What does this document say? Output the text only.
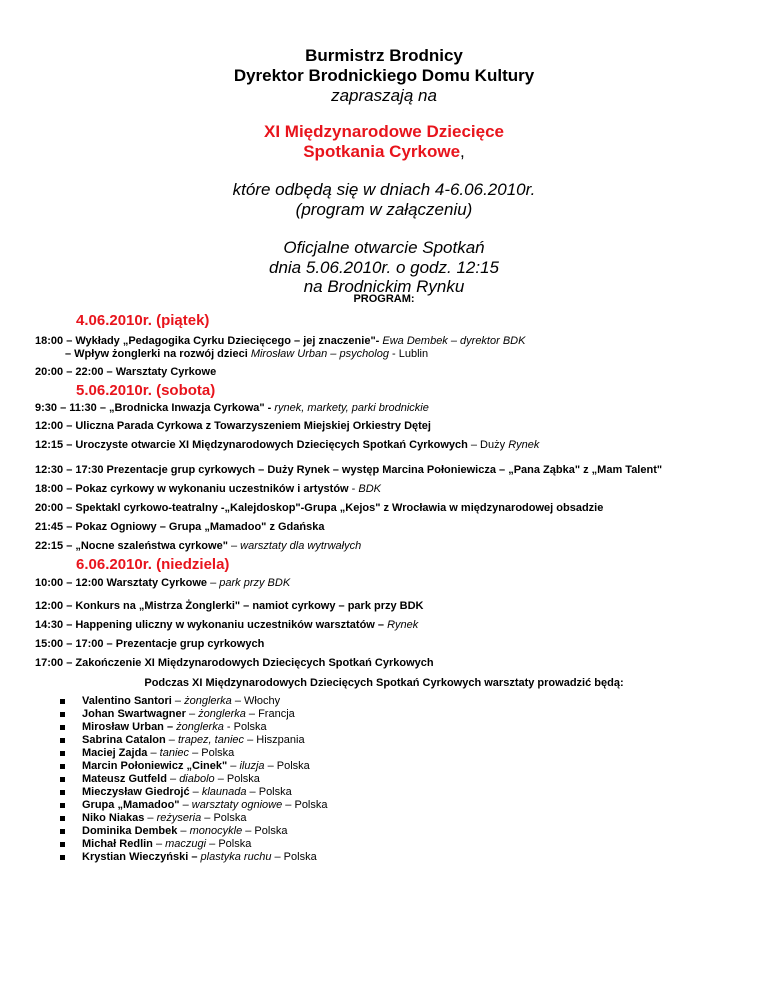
Burmistrz Brodnicy
Dyrektor Brodnickiego Domu Kultury
zapraszają na
XI Międzynarodowe Dziecięce
Spotkania Cyrkowe,
które odbędą się w dniach 4-6.06.2010r.
(program w załączeniu)
Oficjalne otwarcie Spotkań
dnia 5.06.2010r. o godz. 12:15
na Brodnickim Rynku
PROGRAM:
4.06.2010r. (piątek)
18:00 – Wykłady „Pedagogika Cyrku Dziecięcego – jej znaczenie"- Ewa Dembek – dyrektor BDK
– Wpływ żonglerki na rozwój dzieci Mirosław Urban – psycholog - Lublin
20:00 – 22:00 – Warsztaty Cyrkowe
5.06.2010r. (sobota)
9:30 – 11:30 – „Brodnicka Inwazja Cyrkowa" - rynek, markety, parki brodnickie
12:00 – Uliczna Parada Cyrkowa z Towarzyszeniem Miejskiej Orkiestry Dętej
12:15 – Uroczyste otwarcie XI Międzynarodowych Dziecięcych Spotkań Cyrkowych – Duży Rynek
12:30 – 17:30 Prezentacje grup cyrkowych – Duży Rynek – występ Marcina Połoniewicza – „Pana Ząbka" z „Mam Talent"
18:00 – Pokaz cyrkowy w wykonaniu uczestników i artystów - BDK
20:00 – Spektakl cyrkowo-teatralny -„Kalejdoskop"-Grupa „Kejos" z Wrocławia w międzynarodowej obsadzie
21:45 – Pokaz Ogniowy – Grupa „Mamadoo" z Gdańska
22:15 – „Nocne szaleństwa cyrkowe" – warsztaty dla wytrwałych
6.06.2010r. (niedziela)
10:00 – 12:00 Warsztaty Cyrkowe – park przy BDK
12:00 – Konkurs na „Mistrza Żonglerki" – namiot cyrkowy – park przy BDK
14:30 – Happening uliczny w wykonaniu uczestników warsztatów – Rynek
15:00 – 17:00 – Prezentacje grup cyrkowych
17:00 – Zakończenie XI Międzynarodowych Dziecięcych Spotkań Cyrkowych
Podczas XI Międzynarodowych Dziecięcych Spotkań Cyrkowych warsztaty prowadzić będą:
Valentino Santori – żonglerka – Włochy
Johan Swartwagner – żonglerka – Francja
Mirosław Urban – żonglerka - Polska
Sabrina Catalon – trapez, taniec – Hiszpania
Maciej Zajda – taniec – Polska
Marcin Połoniewicz „Cinek" – iluzja – Polska
Mateusz Gutfeld – diabolo – Polska
Mieczysław Giedrojć – klaunada – Polska
Grupa „Mamadoo" – warsztaty ogniowe – Polska
Niko Niakas – reżyseria – Polska
Dominika Dembek – monocykle – Polska
Michał Redlin – maczugi – Polska
Krystian Wieczyński – plastyka ruchu – Polska
